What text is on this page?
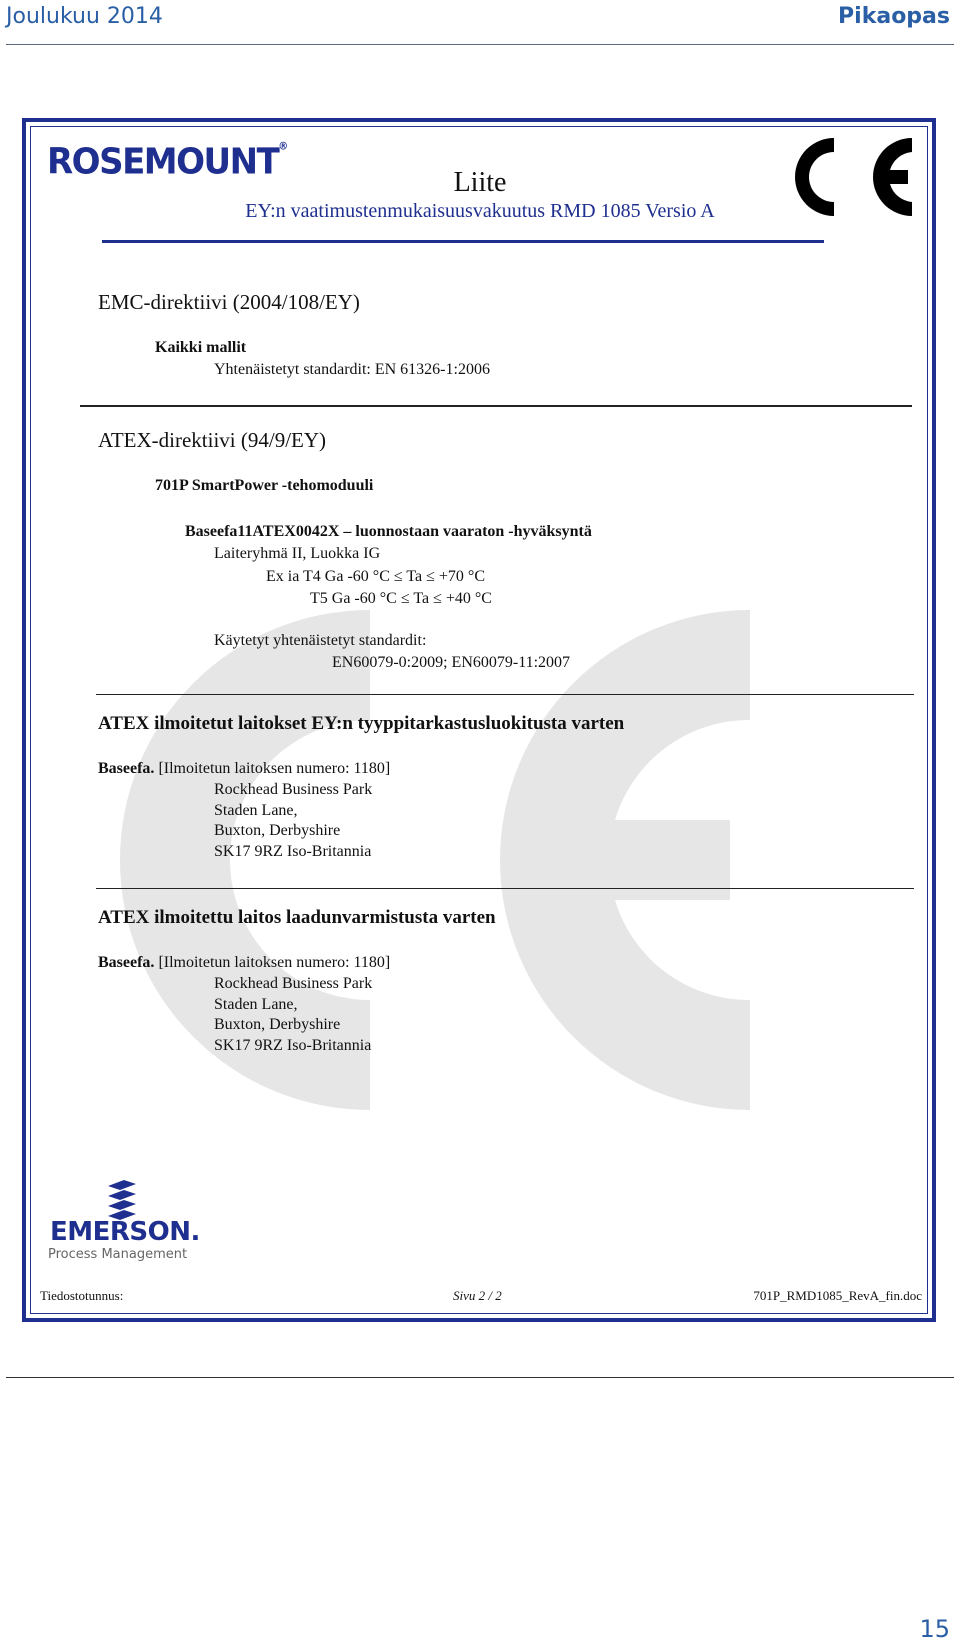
Joulukuu 2014	Pikaopas
ROSEMOUNT®
Liite
EY:n vaatimustenmukaisuusvakuutus RMD 1085 Versio A
EMC-direktiivi (2004/108/EY)
Kaikki mallit
Yhtenäistetyt standardit: EN 61326-1:2006
ATEX-direktiivi (94/9/EY)
701P SmartPower -tehomoduuli
Baseefa11ATEX0042X – luonnostaan vaaraton -hyväksyntä
Laiteryhmä II, Luokka IG
Ex ia T4 Ga -60 °C ≤ Ta ≤ +70 °C
T5 Ga -60 °C ≤ Ta ≤ +40 °C
Käytetyt yhtenäistetyt standardit:
EN60079-0:2009; EN60079-11:2007
ATEX ilmoitetut laitokset EY:n tyyppitarkastusluokitusta varten
Baseefa. [Ilmoitetun laitoksen numero: 1180]
Rockhead Business Park
Staden Lane,
Buxton, Derbyshire
SK17 9RZ Iso-Britannia
ATEX ilmoitettu laitos laadunvarmistusta varten
Baseefa. [Ilmoitetun laitoksen numero: 1180]
Rockhead Business Park
Staden Lane,
Buxton, Derbyshire
SK17 9RZ Iso-Britannia
EMERSON.
Process Management
Tiedostotunnus:	Sivu 2 / 2	701P_RMD1085_RevA_fin.doc
15
